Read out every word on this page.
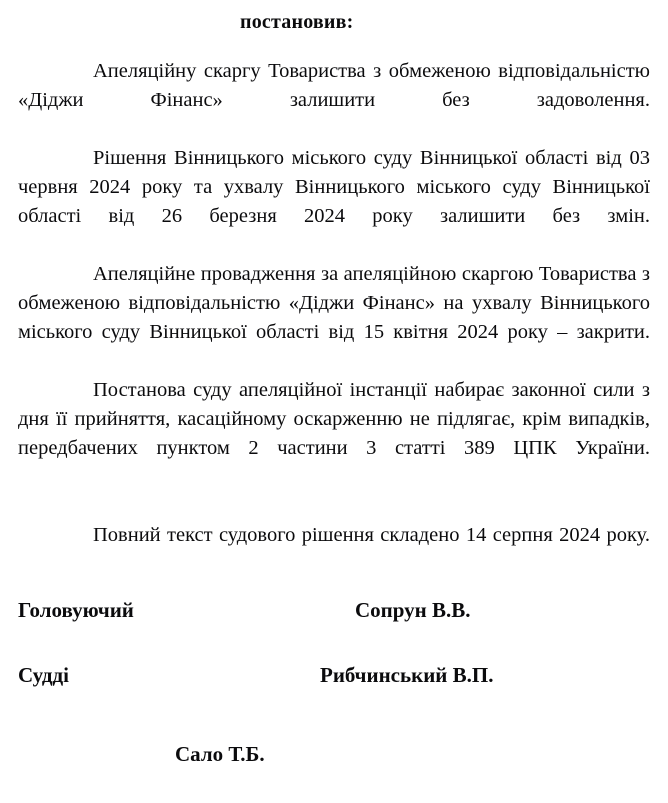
постановив:

Апеляційну скаргу Товариства з обмеженою відповідальністю «Діджи Фінанс» залишити без задоволення.

Рішення Вінницького міського суду Вінницької області від 03 червня 2024 року та ухвалу Вінницького міського суду Вінницької області від 26 березня 2024 року залишити без змін.

Апеляційне провадження за апеляційною скаргою Товариства з обмеженою відповідальністю «Діджи Фінанс» на ухвалу Вінницького міського суду Вінницької області від 15 квітня 2024 року – закрити.

Постанова суду апеляційної інстанції набирає законної сили з дня її прийняття, касаційному оскарженню не підлягає, крім випадків, передбачених пунктом 2 частини 3 статті 389 ЦПК України.

Повний текст судового рішення складено 14 серпня 2024 року.

Головуючий	Сопрун В.В.
Судді	Рибчинський В.П.
Сало Т.Б.
